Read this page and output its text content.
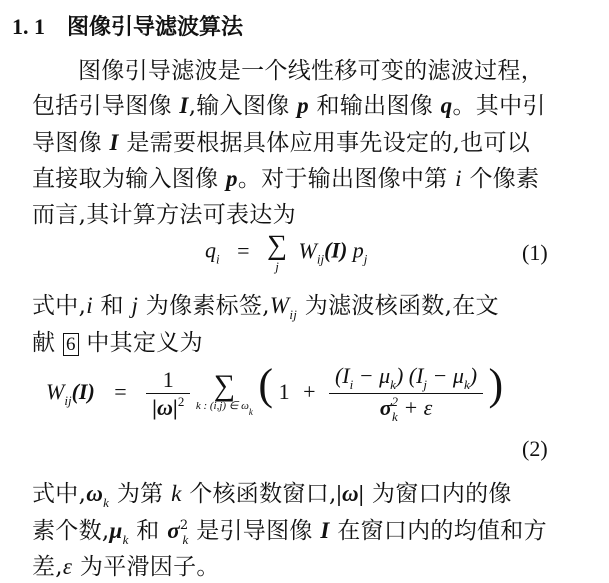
1. 1 图像引导滤波算法
图像引导滤波是一个线性移可变的滤波过程，
包括引导图像 I,输入图像 p 和输出图像 q。其中引
导图像 I 是需要根据具体应用事先设定的,也可以
直接取为输入图像 p。对于输出图像中第 i 个像素
而言,其计算方法可表达为
$q_i$ = ∑
j
$W_{ij}(I)$ $p_j$	(1)
式中,i 和 j 为像素标签$,W_{ij}$ 为滤波核函数,在文
献 6 中其定义为
$W_{ij}(I) = \frac{1}{|\omega|^2}$
∑
k : (i,j) ∈ $\omega_k$
( $1 + \frac{(I_i - \mu_k) (I_j - \mu_k)}{\sigma^2_k + \varepsilon}$ )
(2)
式中$,\omega_k$ 为第 k 个核函数窗口,|ω| 为窗口内的像
素个数$,\mu_k$ 和 $\sigma^2_k$ 是引导图像 I 在窗口内的均值和方
差,ε 为平滑因子。
